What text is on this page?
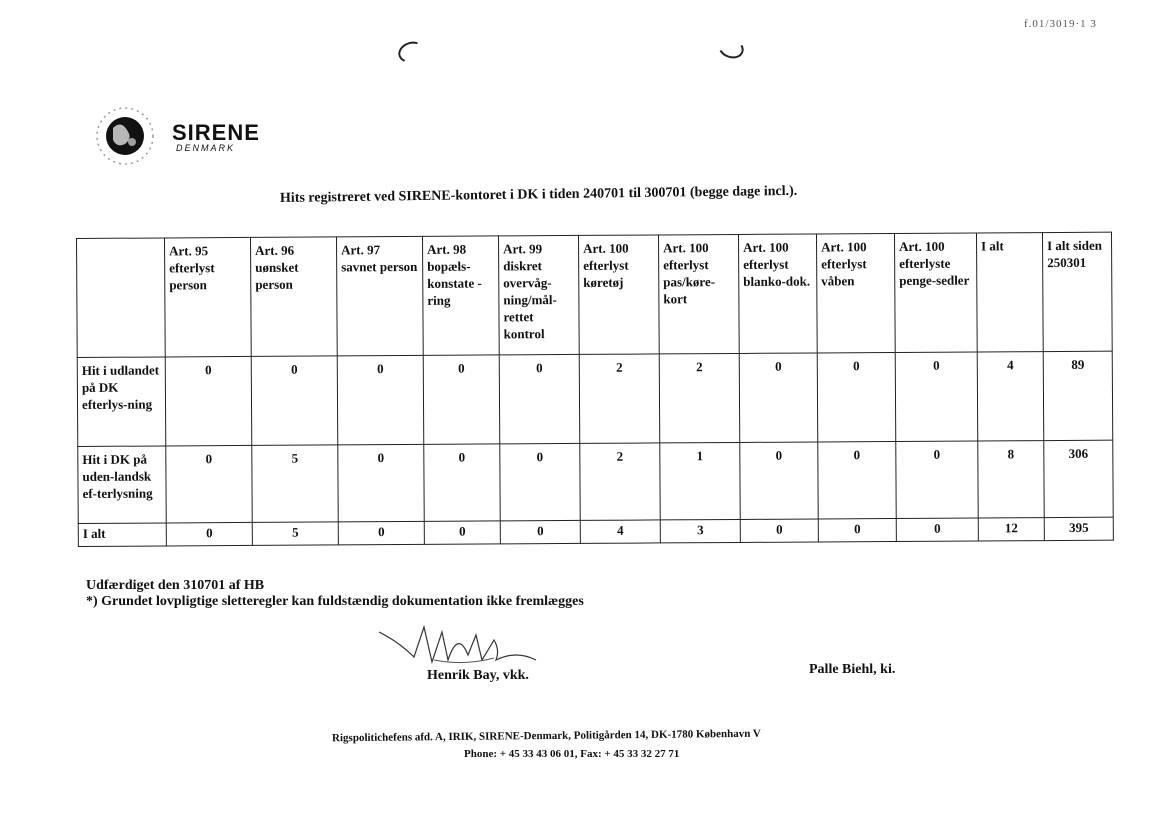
f.01/3019·1 3
SIRENE
DENMARK
Hits registreret ved SIRENE-kontoret i DK i tiden 240701 til 300701 (begge dage incl.).
	Art. 95 efterlyst person	Art. 96 uønsket person	Art. 97 savnet person	Art. 98 bopæls-konstate -ring	Art. 99 diskret overvåg-ning/mål-rettet kontrol	Art. 100 efterlyst køretøj	Art. 100 efterlyst pas/køre-kort	Art. 100 efterlyst blanko-dok.	Art. 100 efterlyst våben	Art. 100 efterlyste penge-sedler	I alt	I alt siden 250301
Hit i udlandet på DK efterlys-ning	0	0	0	0	0	2	2	0	0	0	4	89
Hit i DK på uden-landsk ef-terlysning	0	5	0	0	0	2	1	0	0	0	8	306
I alt	0	5	0	0	0	4	3	0	0	0	12	395
Udfærdiget den 310701 af HB
*) Grundet lovpligtige sletteregler kan fuldstændig dokumentation ikke fremlægges
Henrik Bay, vkk.	Palle Biehl, ki.
Rigspolitichefens afd. A, IRIK, SIRENE-Denmark, Politigården 14, DK-1780 København V
Phone: + 45 33 43 06 01, Fax: + 45 33 32 27 71
